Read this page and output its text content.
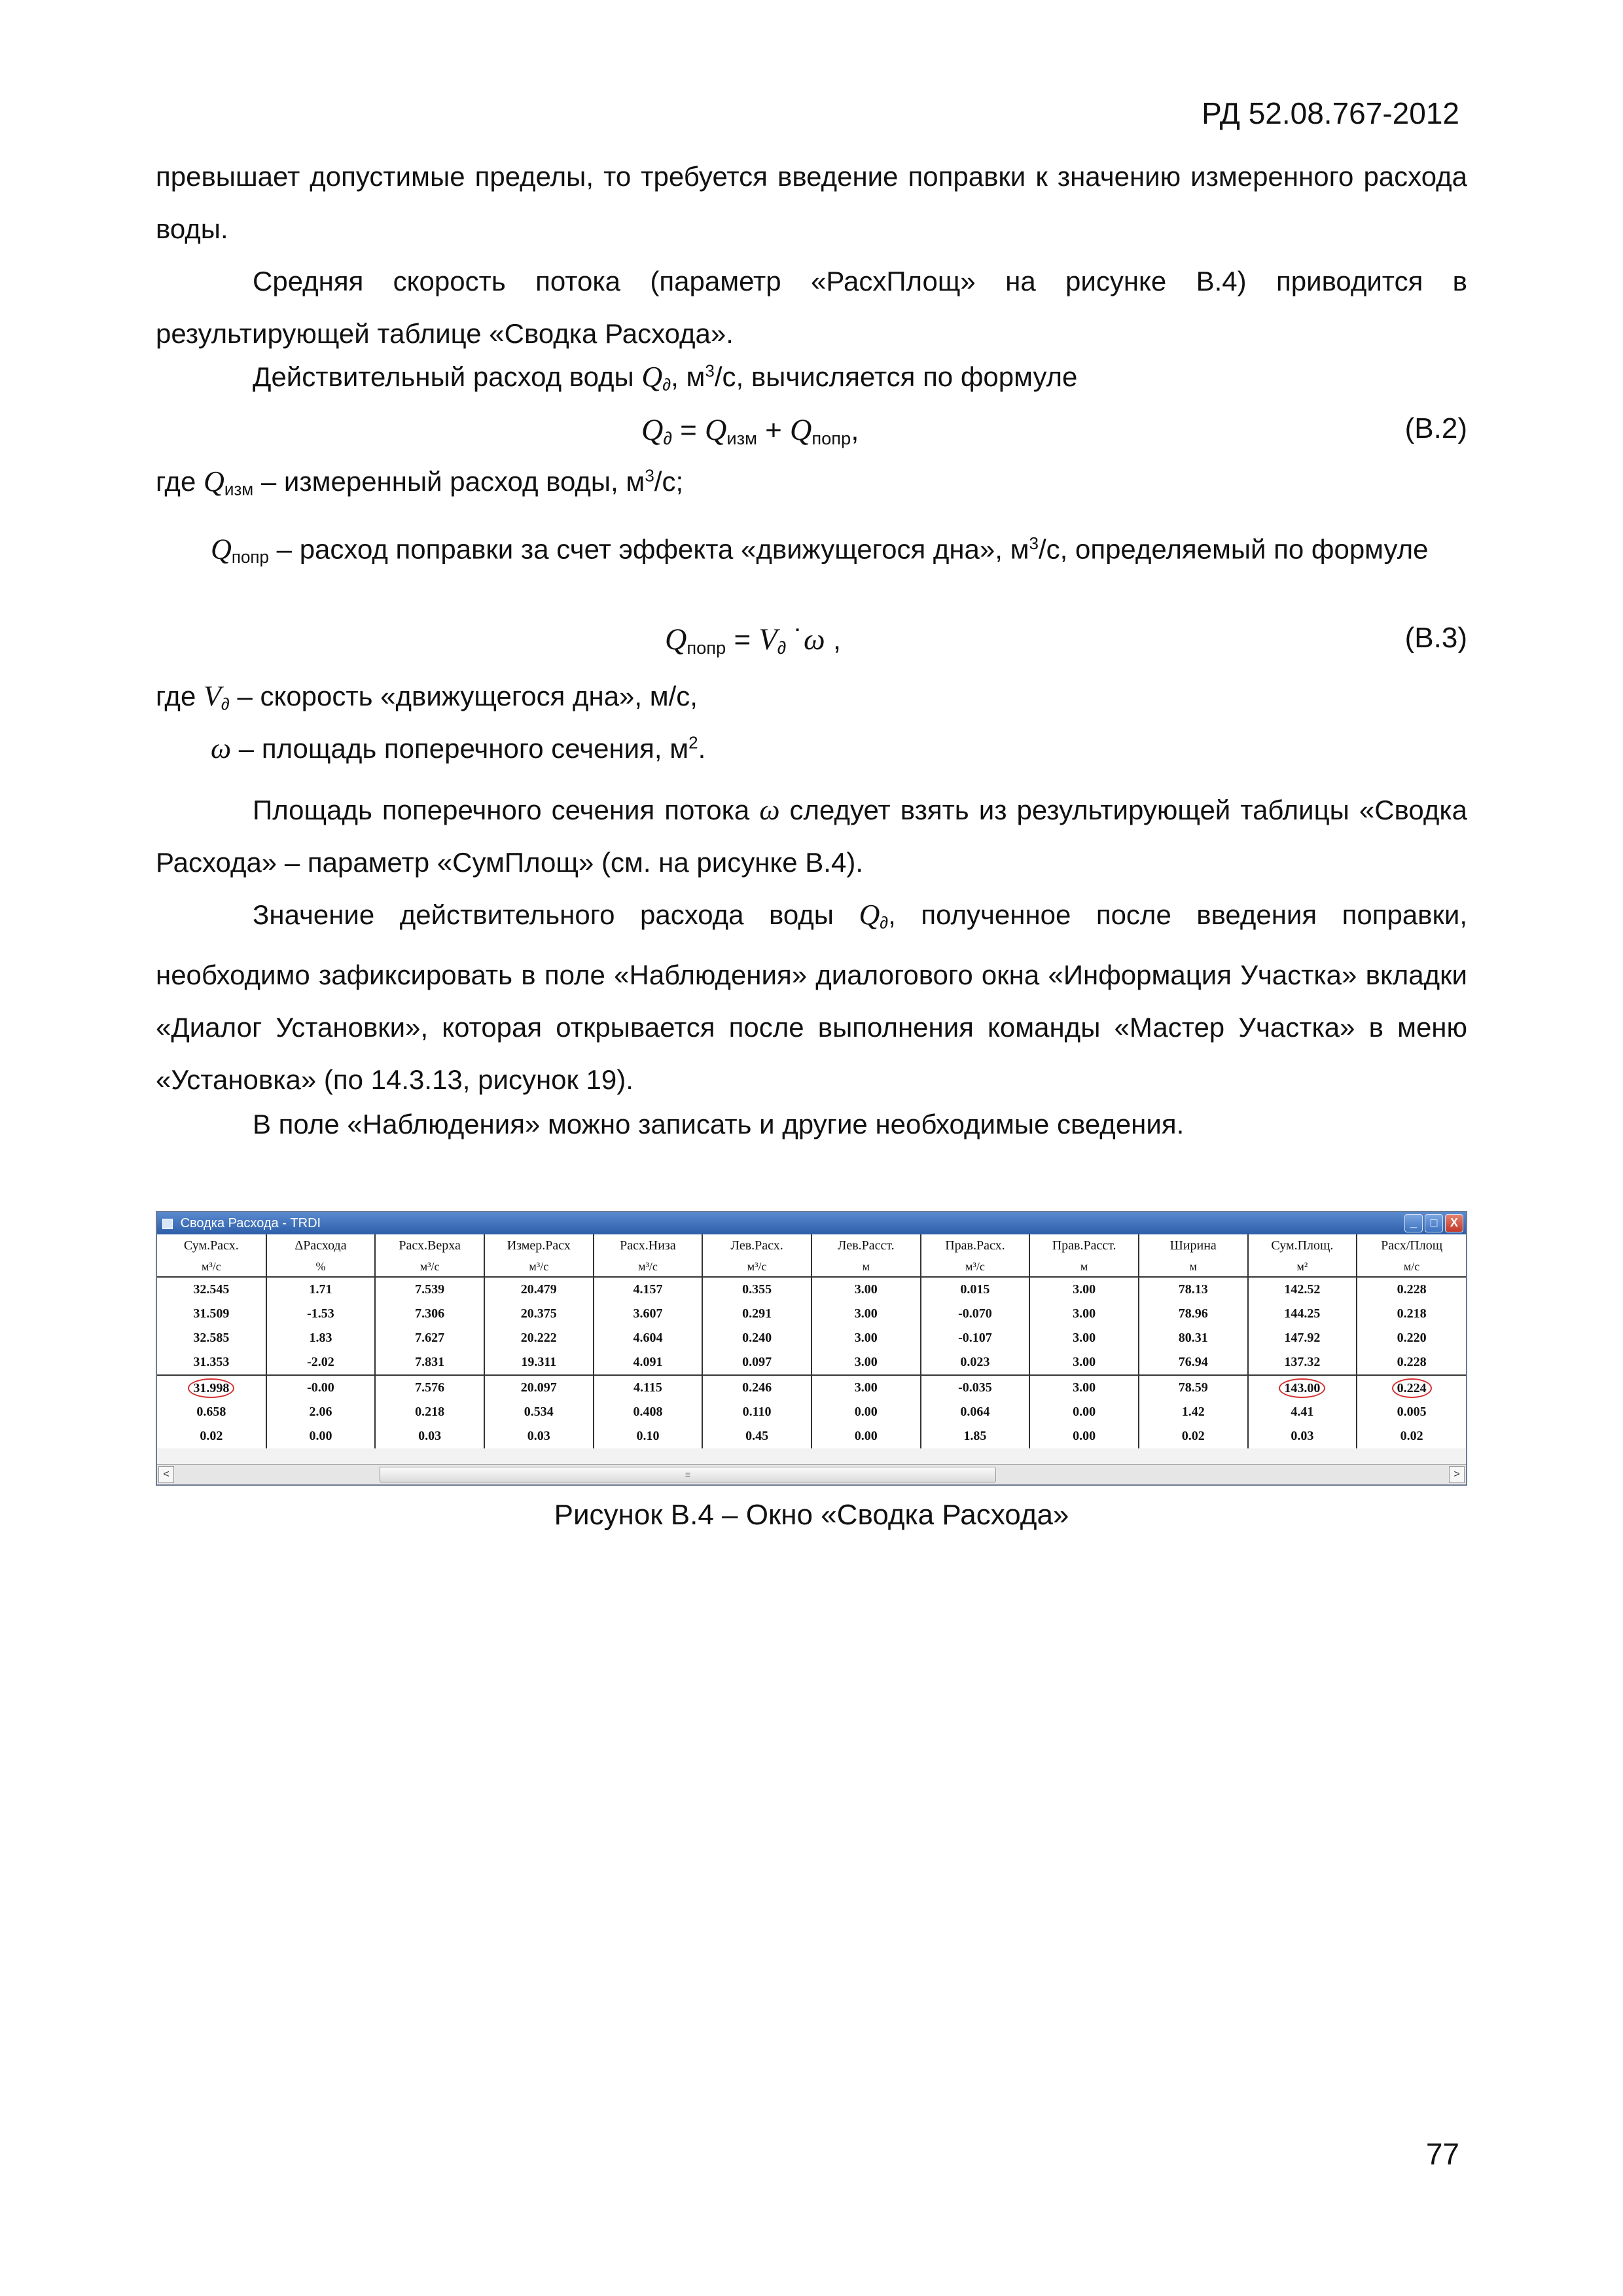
РД 52.08.767-2012

превышает допустимые пределы, то требуется введение поправки к значению измеренного расхода воды.

Средняя скорость потока (параметр «РасхПлощ» на рисунке В.4) приводится в результирующей таблице «Сводка Расхода».

Действительный расход воды $Q_\partial$, $м^3/с$, вычисляется по формуле
$Q_\partial = Q_{изм} + Q_{попр}$,	(В.2)
где $Q_{изм}$ – измеренный расход воды, $м^3/с$;

$Q_{попр}$ – расход поправки за счет эффекта «движущегося дна», $м^3/с$, определяемый по формуле

$Q_{попр} = V_\partial$ ˙ω ,	(В.3)
где $V_\partial$ – скорость «движущегося дна», м/с,
ω – площадь поперечного сечения, $м^2$.

Площадь поперечного сечения потока ω следует взять из результирующей таблицы «Сводка Расхода» – параметр «СумПлощ» (см. на рисунке В.4).

Значение действительного расхода воды $Q_\partial$, полученное после введения поправки, необходимо зафиксировать в поле «Наблюдения» диалогового окна «Информация Участка» вкладки «Диалог Установки», которая открывается после выполнения команды «Мастер Участка» в меню «Установка» (по 14.3.13, рисунок 19).

В поле «Наблюдения» можно записать и другие необходимые сведения.

Сводка Расхода - TRDI	_	□	X
Сум.Расх.	ΔРасхода	Расх.Верха	Измер.Расх	Расх.Низа	Лев.Расх.	Лев.Расст.	Прав.Расх.	Прав.Расст.	Ширина	Сум.Площ.	Расх/Площ
м³/с	%	м³/с	м³/с	м³/с	м³/с	м	м³/с	м	м	м²	м/с
32.545	1.71	7.539	20.479	4.157	0.355	3.00	0.015	3.00	78.13	142.52	0.228
31.509	-1.53	7.306	20.375	3.607	0.291	3.00	-0.070	3.00	78.96	144.25	0.218
32.585	1.83	7.627	20.222	4.604	0.240	3.00	-0.107	3.00	80.31	147.92	0.220
31.353	-2.02	7.831	19.311	4.091	0.097	3.00	0.023	3.00	76.94	137.32	0.228
31.998	-0.00	7.576	20.097	4.115	0.246	3.00	-0.035	3.00	78.59	143.00	0.224
0.658	2.06	0.218	0.534	0.408	0.110	0.00	0.064	0.00	1.42	4.41	0.005
0.02	0.00	0.03	0.03	0.10	0.45	0.00	1.85	0.00	0.02	0.03	0.02
<	≡	>
Рисунок В.4 – Окно «Сводка Расхода»
77
